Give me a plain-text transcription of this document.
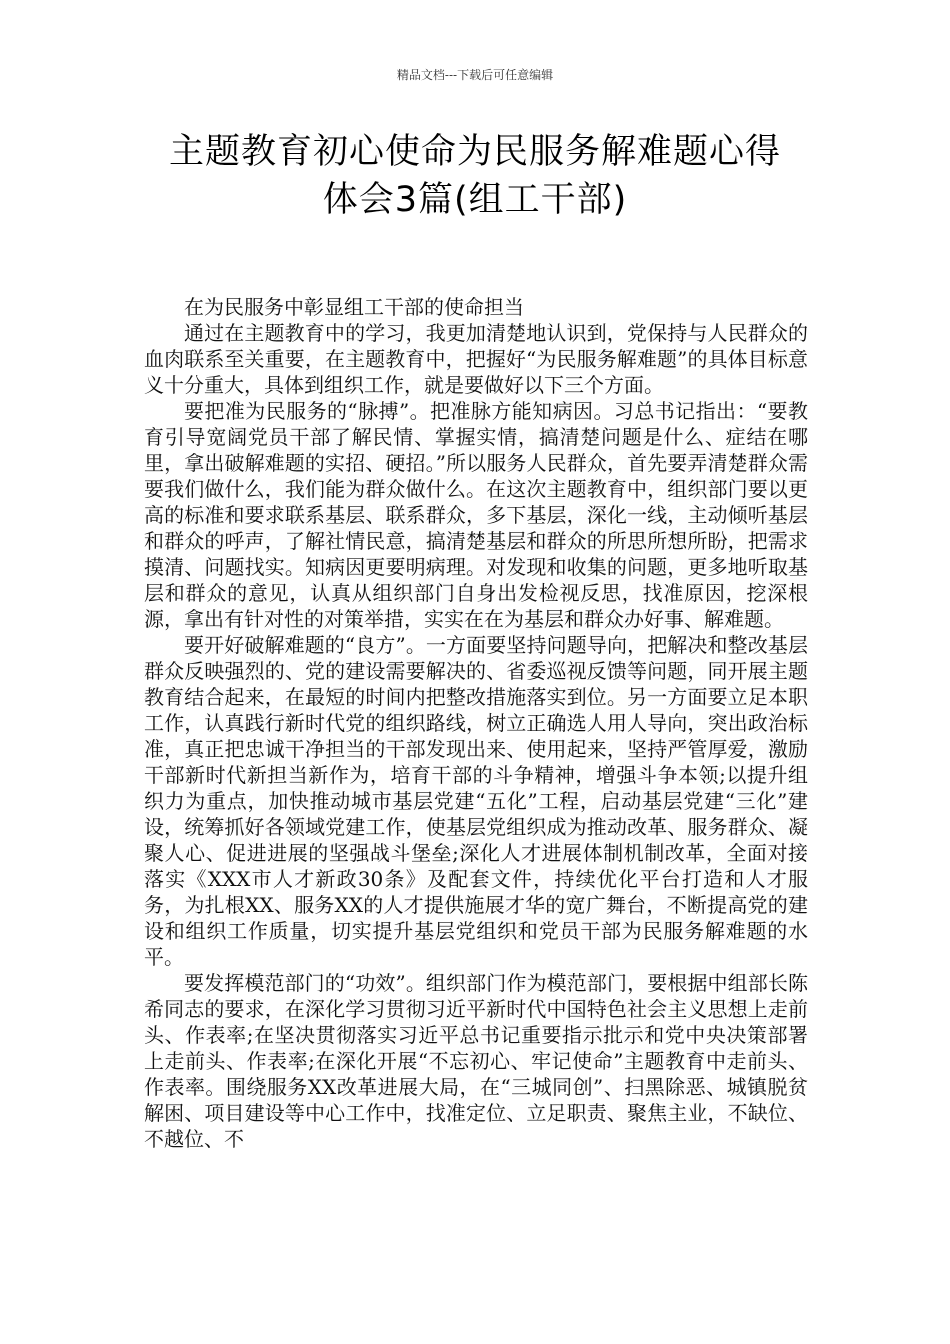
精品文档---下载后可任意编辑
主题教育初心使命为民服务解难题心得
体会3篇(组工干部)

在为民服务中彰显组工干部的使命担当

通过在主题教育中的学习，我更加清楚地认识到，党保持与人民群众的血肉联系至关重要，在主题教育中，把握好“为民服务解难题”的具体目标意义十分重大，具体到组织工作，就是要做好以下三个方面。

要把准为民服务的“脉搏”。把准脉方能知病因。习总书记指出：“要教育引导宽阔党员干部了解民情、掌握实情，搞清楚问题是什么、症结在哪里，拿出破解难题的实招、硬招。”所以服务人民群众，首先要弄清楚群众需要我们做什么，我们能为群众做什么。在这次主题教育中，组织部门要以更高的标准和要求联系基层、联系群众，多下基层，深化一线，主动倾听基层和群众的呼声，了解社情民意，搞清楚基层和群众的所思所想所盼，把需求摸清、问题找实。知病因更要明病理。对发现和收集的问题，更多地听取基层和群众的意见，认真从组织部门自身出发检视反思，找准原因，挖深根源，拿出有针对性的对策举措，实实在在为基层和群众办好事、解难题。

要开好破解难题的“良方”。一方面要坚持问题导向，把解决和整改基层群众反映强烈的、党的建设需要解决的、省委巡视反馈等问题，同开展主题教育结合起来，在最短的时间内把整改措施落实到位。另一方面要立足本职工作，认真践行新时代党的组织路线，树立正确选人用人导向，突出政治标准，真正把忠诚干净担当的干部发现出来、使用起来，坚持严管厚爱，激励干部新时代新担当新作为，培育干部的斗争精神，增强斗争本领;以提升组织力为重点，加快推动城市基层党建“五化”工程，启动基层党建“三化”建设，统筹抓好各领域党建工作，使基层党组织成为推动改革、服务群众、凝聚人心、促进进展的坚强战斗堡垒;深化人才进展体制机制改革，全面对接落实《XXX市人才新政30条》及配套文件，持续优化平台打造和人才服务，为扎根XX、服务XX的人才提供施展才华的宽广舞台，不断提高党的建设和组织工作质量，切实提升基层党组织和党员干部为民服务解难题的水平。

要发挥模范部门的“功效”。组织部门作为模范部门，要根据中组部长陈希同志的要求，在深化学习贯彻习近平新时代中国特色社会主义思想上走前头、作表率;在坚决贯彻落实习近平总书记重要指示批示和党中央决策部署上走前头、作表率;在深化开展“不忘初心、牢记使命”主题教育中走前头、作表率。围绕服务XX改革进展大局，在“三城同创”、扫黑除恶、城镇脱贫解困、项目建设等中心工作中，找准定位、立足职责、聚焦主业，不缺位、不越位、不
